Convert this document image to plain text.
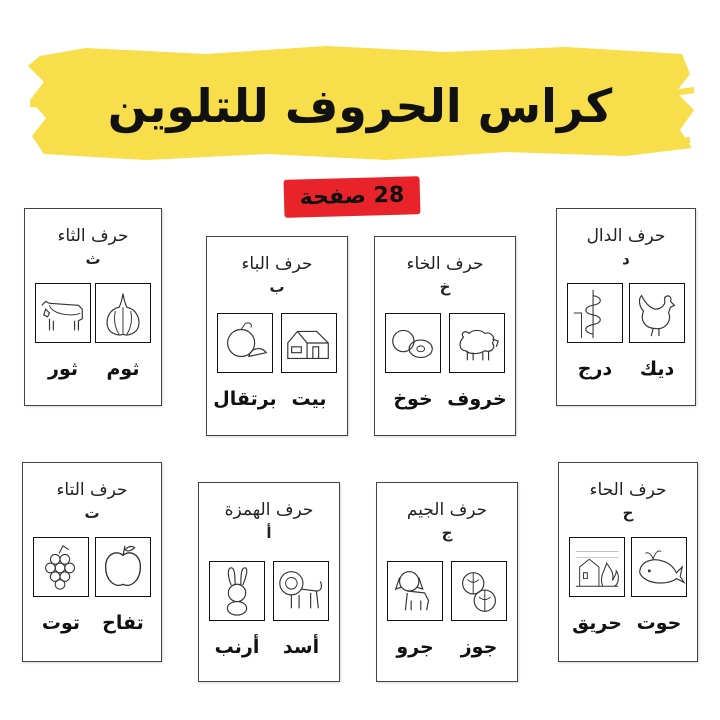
كراس الحروف للتلوين
28 صفحة
حرف الثاء
ث
ثوم
ثور
حرف الباء
ب
بيت
برتقال
حرف الخاء
خ
خروف
خوخ
حرف الدال
د
ديك
درج
حرف التاء
ت
تفاح
توت
حرف الهمزة
أ
أسد
أرنب
حرف الجيم
ج
جوز
جرو
حرف الحاء
ح
حوت
حريق
